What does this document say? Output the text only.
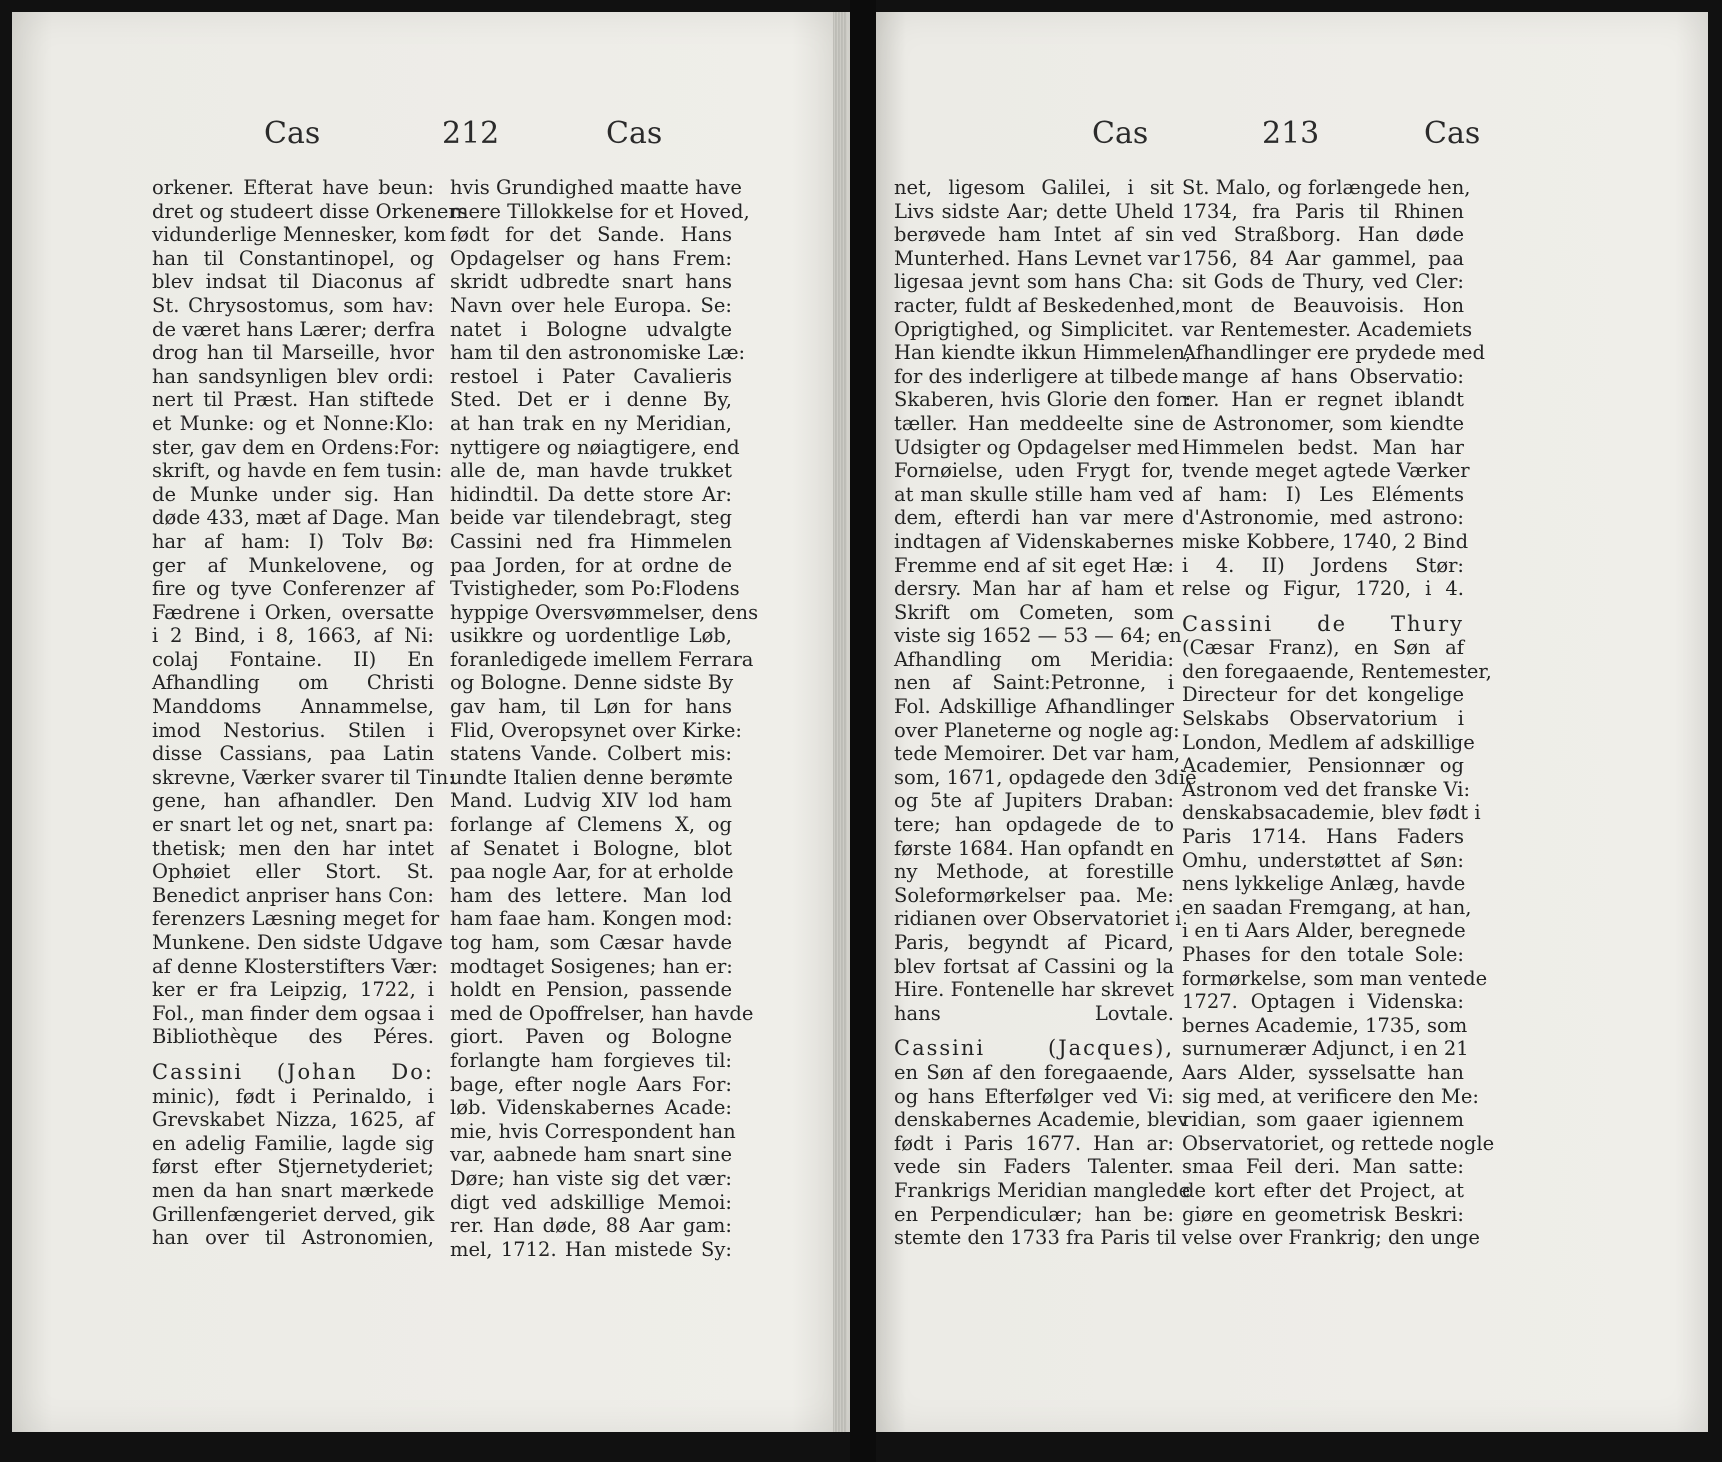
Cas	212	Cas
orkener. Efterat have beun:
dret og studeert disse Orkeners
vidunderlige Mennesker, kom
han til Constantinopel, og
blev indsat til Diaconus af
St. Chrysostomus, som hav:
de været hans Lærer; derfra
drog han til Marseille, hvor
han sandsynligen blev ordi:
nert til Præst. Han stiftede
et Munke: og et Nonne:Klo:
ster, gav dem en Ordens:For:
skrift, og havde en fem tusin:
de Munke under sig. Han
døde 433, mæt af Dage. Man
har af ham: I) Tolv Bø:
ger af Munkelovene, og
fire og tyve Conferenzer af
Fædrene i Orken, oversatte
i 2 Bind, i 8, 1663, af Ni:
colaj Fontaine. II) En
Afhandling om Christi
Manddoms Annammelse,
imod Nestorius. Stilen i
disse Cassians, paa Latin
skrevne, Værker svarer til Tin:
gene, han afhandler. Den
er snart let og net, snart pa:
thetisk; men den har intet
Ophøiet eller Stort. St.
Benedict anpriser hans Con:
ferenzers Læsning meget for
Munkene. Den sidste Udgave
af denne Klosterstifters Vær:
ker er fra Leipzig, 1722, i
Fol., man finder dem ogsaa i
Bibliothèque des Péres.
Cassini (Johan Do:
minic), født i Perinaldo, i
Grevskabet Nizza, 1625, af
en adelig Familie, lagde sig
først efter Stjernetyderiet;
men da han snart mærkede
Grillenfængeriet derved, gik
han over til Astronomien,
hvis Grundighed maatte have
mere Tillokkelse for et Hoved,
født for det Sande. Hans
Opdagelser og hans Frem:
skridt udbredte snart hans
Navn over hele Europa. Se:
natet i Bologne udvalgte
ham til den astronomiske Læ:
restoel i Pater Cavalieris
Sted. Det er i denne By,
at han trak en ny Meridian,
nyttigere og nøiagtigere, end
alle de, man havde trukket
hidindtil. Da dette store Ar:
beide var tilendebragt, steg
Cassini ned fra Himmelen
paa Jorden, for at ordne de
Tvistigheder, som Po:Flodens
hyppige Oversvømmelser, dens
usikkre og uordentlige Løb,
foranledigede imellem Ferrara
og Bologne. Denne sidste By
gav ham, til Løn for hans
Flid, Overopsynet over Kirke:
statens Vande. Colbert mis:
undte Italien denne berømte
Mand. Ludvig XIV lod ham
forlange af Clemens X, og
af Senatet i Bologne, blot
paa nogle Aar, for at erholde
ham des lettere. Man lod
ham faae ham. Kongen mod:
tog ham, som Cæsar havde
modtaget Sosigenes; han er:
holdt en Pension, passende
med de Opoffrelser, han havde
giort. Paven og Bologne
forlangte ham forgieves til:
bage, efter nogle Aars For:
løb. Videnskabernes Acade:
mie, hvis Correspondent han
var, aabnede ham snart sine
Døre; han viste sig det vær:
digt ved adskillige Memoi:
rer. Han døde, 88 Aar gam:
mel, 1712. Han mistede Sy:
Cas	213	Cas
net, ligesom Galilei, i sit
Livs sidste Aar; dette Uheld
berøvede ham Intet af sin
Munterhed. Hans Levnet var
ligesaa jevnt som hans Cha:
racter, fuldt af Beskedenhed,
Oprigtighed, og Simplicitet.
Han kiendte ikkun Himmelen,
for des inderligere at tilbede
Skaberen, hvis Glorie den for:
tæller. Han meddeelte sine
Udsigter og Opdagelser med
Fornøielse, uden Frygt for,
at man skulle stille ham ved
dem, efterdi han var mere
indtagen af Videnskabernes
Fremme end af sit eget Hæ:
dersry. Man har af ham et
Skrift om Cometen, som
viste sig 1652 — 53 — 64; en
Afhandling om Meridia:
nen af Saint:Petronne, i
Fol. Adskillige Afhandlinger
over Planeterne og nogle ag:
tede Memoirer. Det var ham,
som, 1671, opdagede den 3die
og 5te af Jupiters Draban:
tere; han opdagede de to
første 1684. Han opfandt en
ny Methode, at forestille
Soleformørkelser paa. Me:
ridianen over Observatoriet i
Paris, begyndt af Picard,
blev fortsat af Cassini og la
Hire. Fontenelle har skrevet
hans Lovtale.
Cassini (Jacques),
en Søn af den foregaaende,
og hans Efterfølger ved Vi:
denskabernes Academie, blev
født i Paris 1677. Han ar:
vede sin Faders Talenter.
Frankrigs Meridian manglede
en Perpendiculær; han be:
stemte den 1733 fra Paris til
St. Malo, og forlængede hen,
1734, fra Paris til Rhinen
ved Straßborg. Han døde
1756, 84 Aar gammel, paa
sit Gods de Thury, ved Cler:
mont de Beauvoisis. Hon
var Rentemester. Academiets
Afhandlinger ere prydede med
mange af hans Observatio:
ner. Han er regnet iblandt
de Astronomer, som kiendte
Himmelen bedst. Man har
tvende meget agtede Værker
af ham: I) Les Eléments
d'Astronomie, med astrono:
miske Kobbere, 1740, 2 Bind
i 4. II) Jordens Stør:
relse og Figur, 1720, i 4.
Cassini de Thury
(Cæsar Franz), en Søn af
den foregaaende, Rentemester,
Directeur for det kongelige
Selskabs Observatorium i
London, Medlem af adskillige
Academier, Pensionnær og
Astronom ved det franske Vi:
denskabsacademie, blev født i
Paris 1714. Hans Faders
Omhu, understøttet af Søn:
nens lykkelige Anlæg, havde
en saadan Fremgang, at han,
i en ti Aars Alder, beregnede
Phases for den totale Sole:
formørkelse, som man ventede
1727. Optagen i Videnska:
bernes Academie, 1735, som
surnumerær Adjunct, i en 21
Aars Alder, sysselsatte han
sig med, at verificere den Me:
ridian, som gaaer igiennem
Observatoriet, og rettede nogle
smaa Feil deri. Man satte:
de kort efter det Project, at
giøre en geometrisk Beskri:
velse over Frankrig; den unge
